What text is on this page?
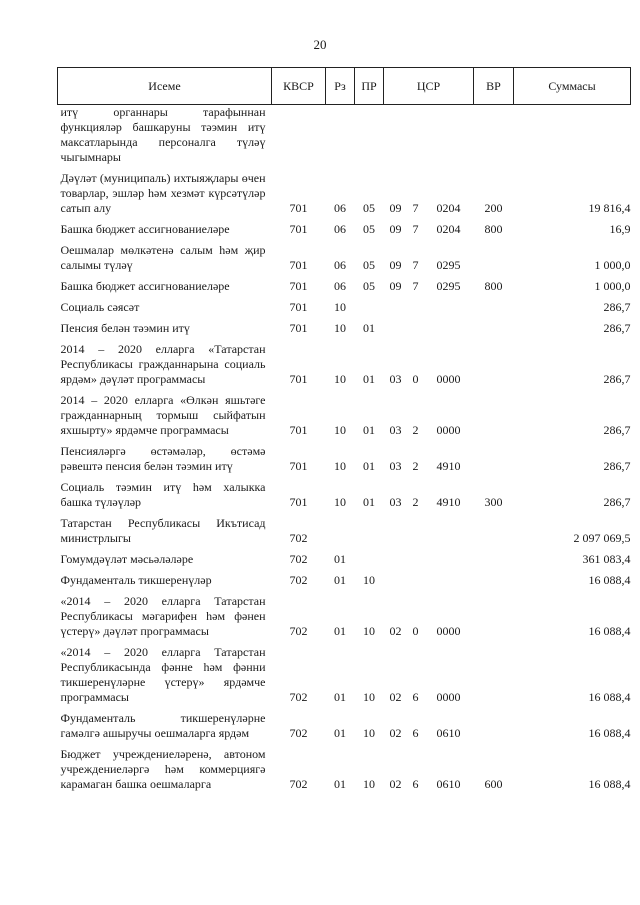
20
Исеме	КВСР	Рз	ПР	ЦСР			ВР	Суммасы
итү органнары тарафыннан функцияләр башкаруны тәэмин итү максатларында персоналга түләү чыгымнары								
Дәүләт (муниципаль) ихтыяҗлары өчен товарлар, эшләр һәм хезмәт күрсәтүләр сатып алу	701	06	05	09	7	0204	200	19 816,4
Башка бюджет ассигнованиеләре	701	06	05	09	7	0204	800	16,9
Оешмалар мөлкәтенә салым һәм җир салымы түләү	701	06	05	09	7	0295		1 000,0
Башка бюджет ассигнованиеләре	701	06	05	09	7	0295	800	1 000,0
Социаль сәясәт	701	10						286,7
Пенсия белән тәэмин итү	701	10	01					286,7
2014 – 2020 елларга «Татарстан Республикасы гражданнарына социаль ярдәм» дәүләт программасы	701	10	01	03	0	0000		286,7
2014 – 2020 елларга «Өлкән яшьтәге гражданнарның тормыш сыйфатын яхшырту» ярдәмче программасы	701	10	01	03	2	0000		286,7
Пенсияләргә өстәмәләр, өстәмә рәвештә пенсия белән тәэмин итү	701	10	01	03	2	4910		286,7
Социаль тәэмин итү һәм халыкка башка түләүләр	701	10	01	03	2	4910	300	286,7
Татарстан Республикасы Икътисад министрлыгы	702							2 097 069,5
Гомумдәүләт мәсьәләләре	702	01						361 083,4
Фундаменталь тикшеренүләр	702	01	10					16 088,4
«2014 – 2020 елларга Татарстан Республикасы мәгарифен һәм фәнен үстерү» дәүләт программасы	702	01	10	02	0	0000		16 088,4
«2014 – 2020 елларга Татарстан Республикасында фәнне һәм фәнни тикшеренүләрне үстерү» ярдәмче программасы	702	01	10	02	6	0000		16 088,4
Фундаменталь тикшеренүләрне гамәлгә ашыручы оешмаларга ярдәм	702	01	10	02	6	0610		16 088,4
Бюджет учреждениеләренә, автоном учреждениеләргә һәм коммерциягә карамаган башка оешмаларга	702	01	10	02	6	0610	600	16 088,4
